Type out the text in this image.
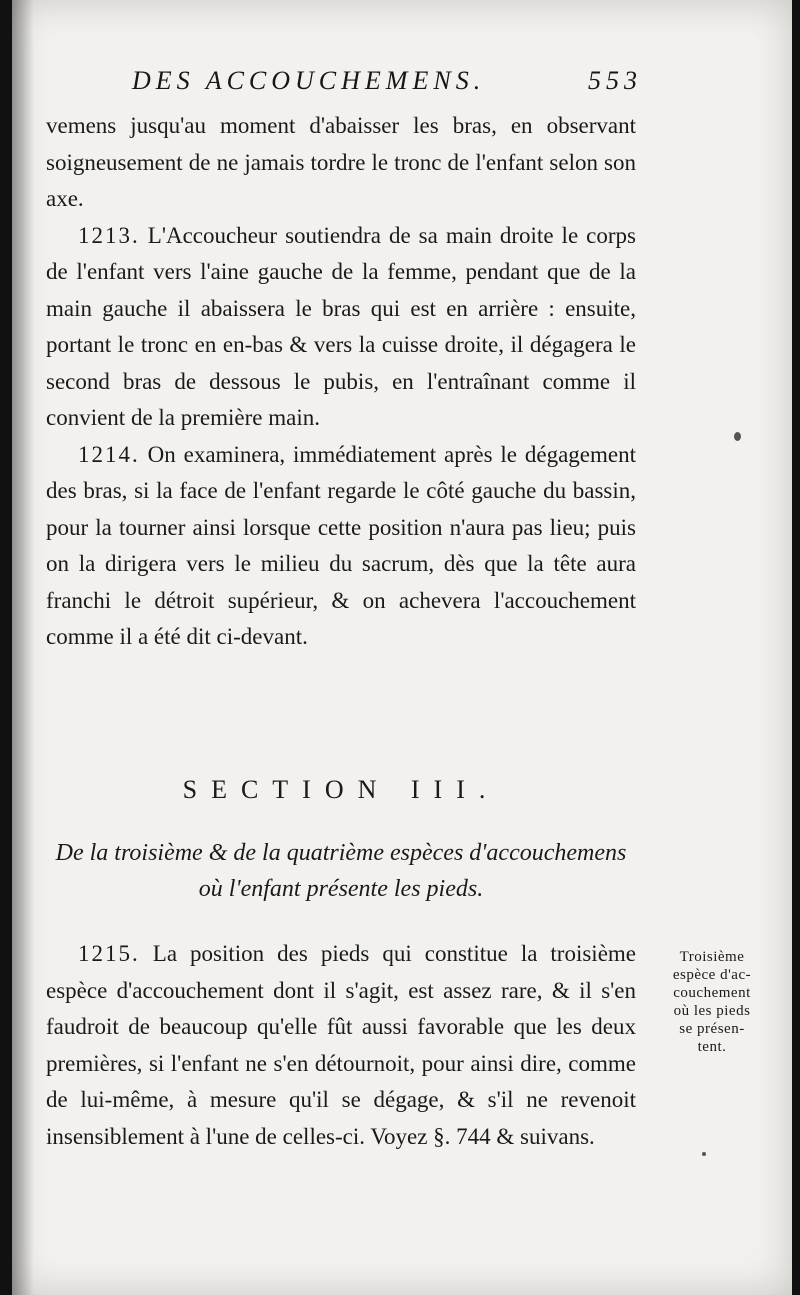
DES ACCOUCHEMENS.	553

vemens jusqu'au moment d'abaisser les bras, en observant soigneusement de ne jamais tordre le tronc de l'enfant selon son axe.

1213. L'Accoucheur soutiendra de sa main droite le corps de l'enfant vers l'aine gauche de la femme, pendant que de la main gauche il abaissera le bras qui est en arrière : ensuite, portant le tronc en en-bas & vers la cuisse droite, il dégagera le second bras de dessous le pubis, en l'entraînant comme il convient de la première main.

1214. On examinera, immédiatement après le dégagement des bras, si la face de l'enfant regarde le côté gauche du bassin, pour la tourner ainsi lorsque cette position n'aura pas lieu; puis on la dirigera vers le milieu du sacrum, dès que la tête aura franchi le détroit supérieur, & on achevera l'accouchement comme il a été dit ci-devant.

SECTION III.
De la troisième & de la quatrième espèces d'accouchemens où l'enfant présente les pieds.

1215. La position des pieds qui constitue la troisième espèce d'accouchement dont il s'agit, est assez rare, & il s'en faudroit de beaucoup qu'elle fût aussi favorable que les deux premières, si l'enfant ne s'en détournoit, pour ainsi dire, comme de lui-même, à mesure qu'il se dégage, & s'il ne revenoit insensiblement à l'une de celles-ci. Voyez §. 744 & suivans.

Troisième
espèce d'ac-
couchement
où les pieds
se présen-
tent.
